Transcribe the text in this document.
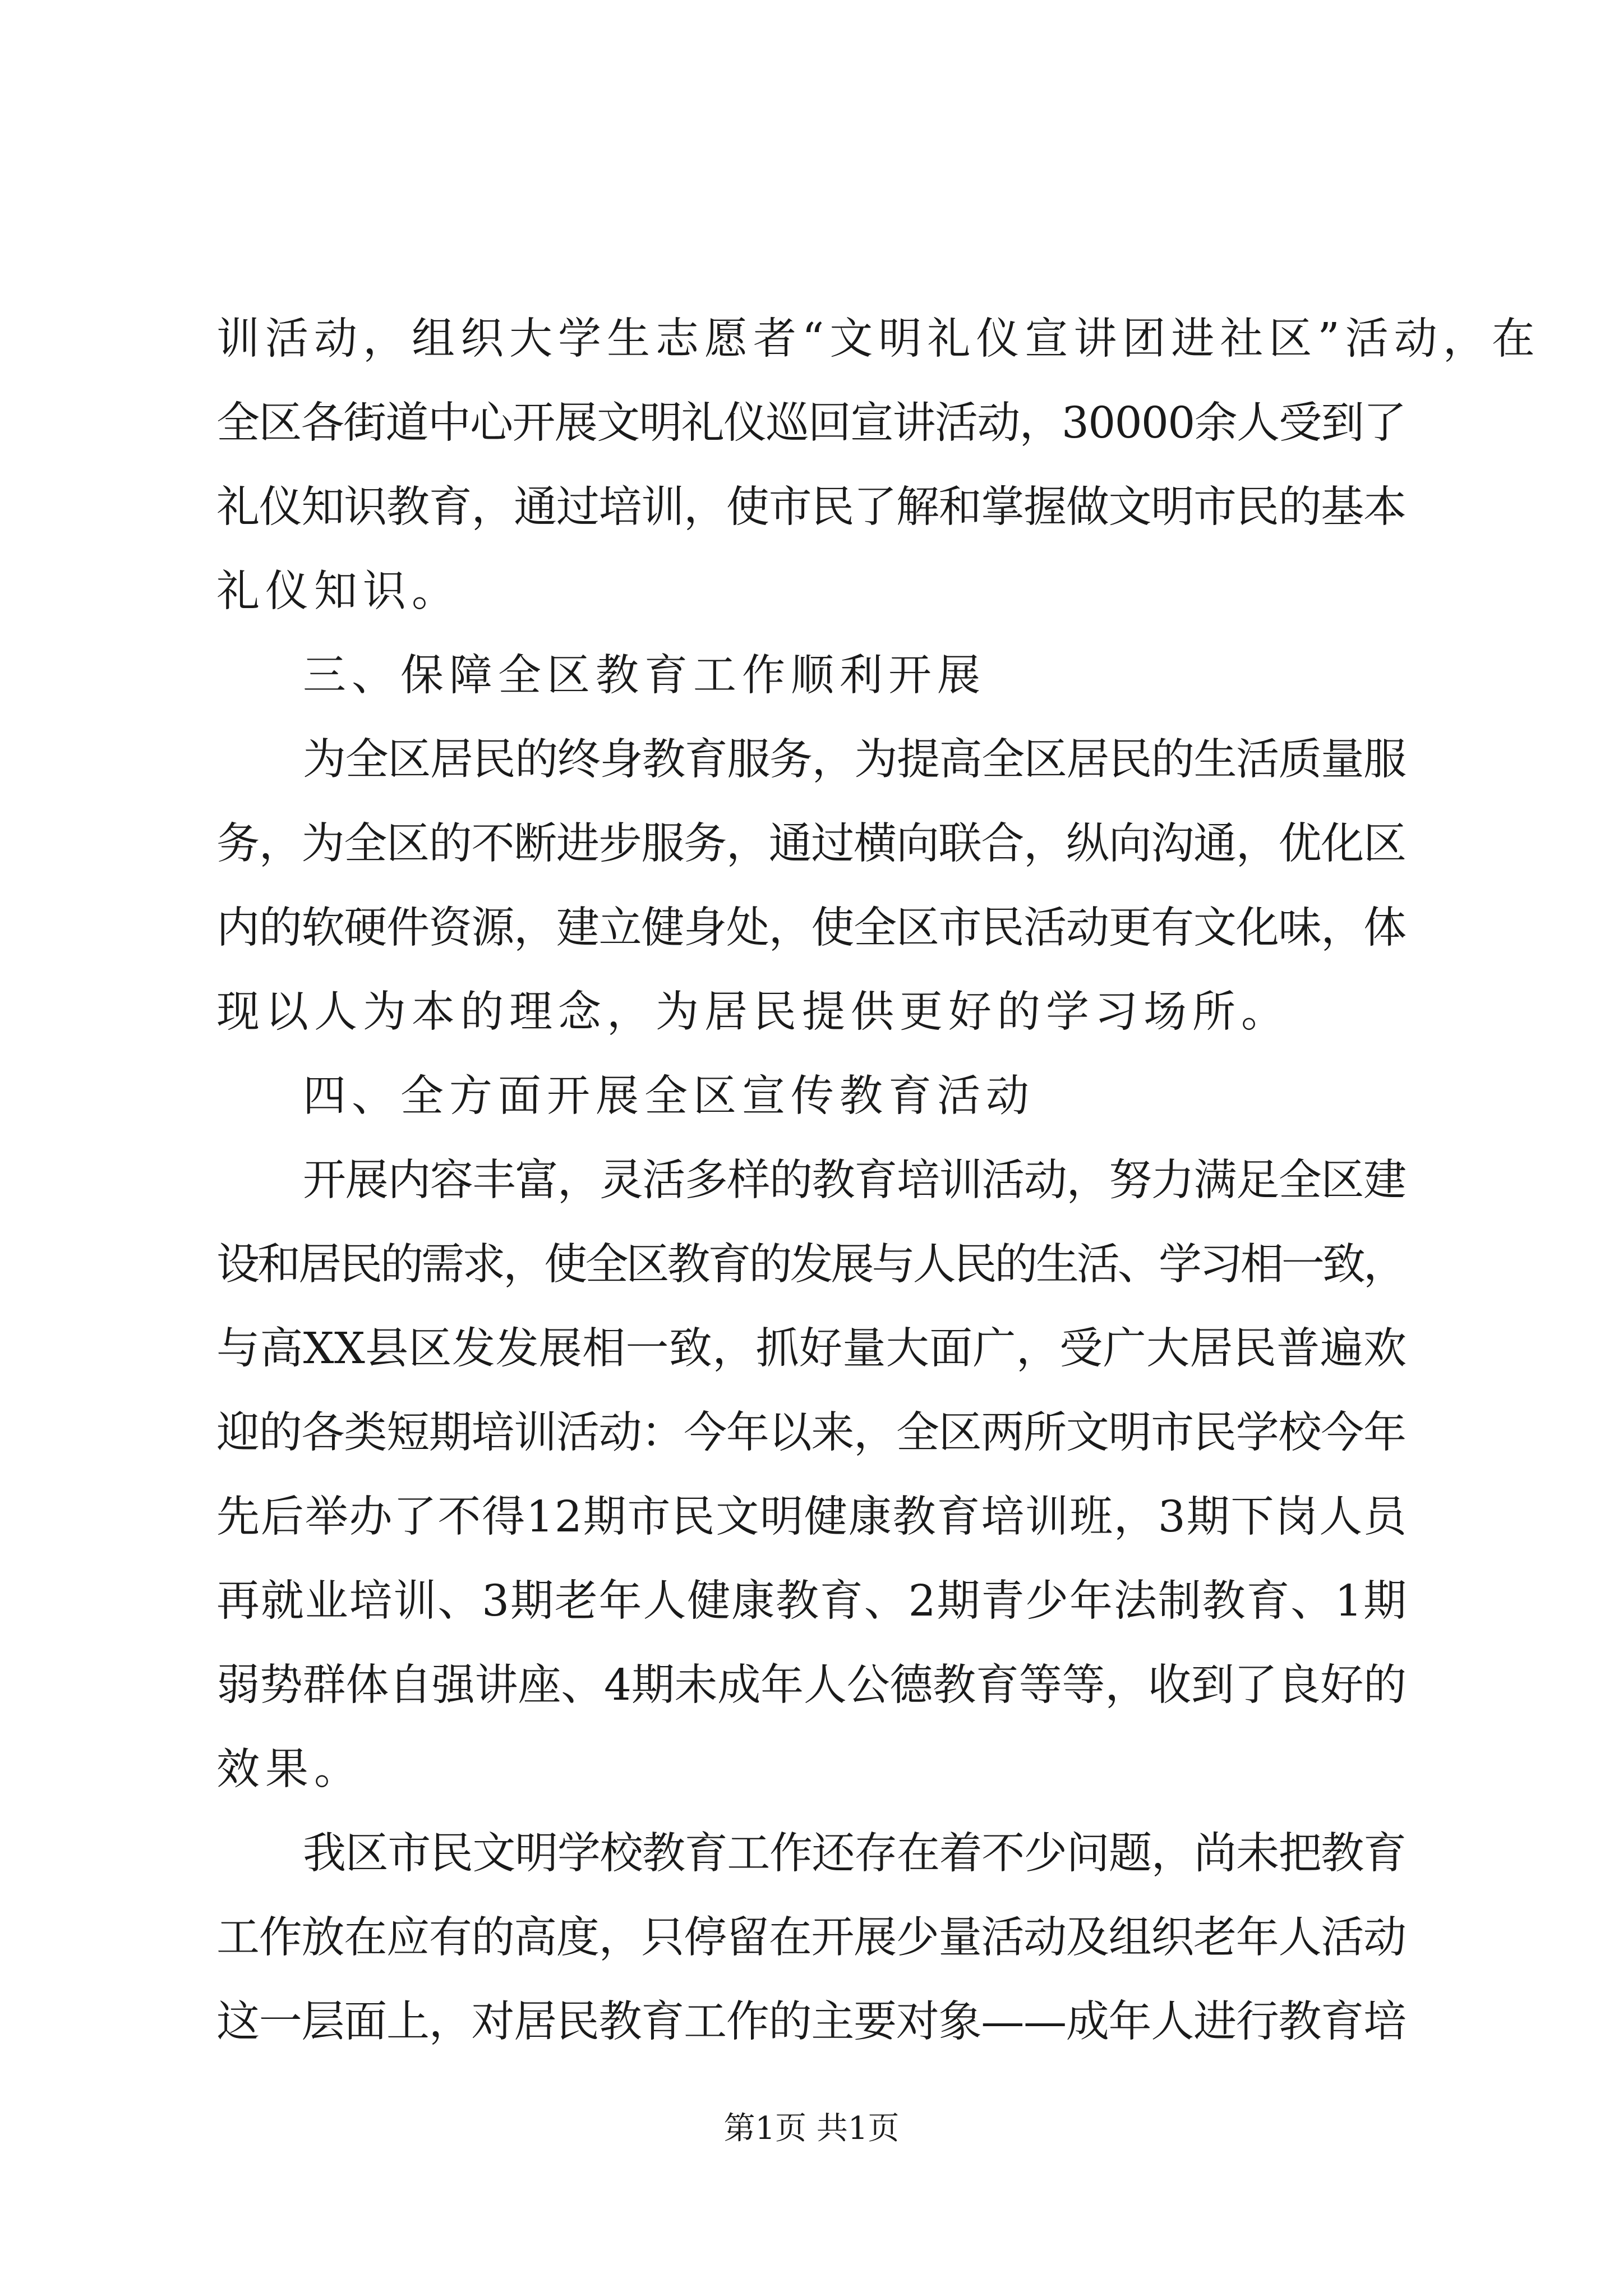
训活动，组织大学生志愿者“文明礼仪宣讲团进社区”活动，在
全区各街道中心开展文明礼仪巡回宣讲活动，30000余人受到了
礼仪知识教育，通过培训，使市民了解和掌握做文明市民的基本
礼仪知识。
三、保障全区教育工作顺利开展
为全区居民的终身教育服务，为提高全区居民的生活质量服
务，为全区的不断进步服务，通过横向联合，纵向沟通，优化区
内的软硬件资源，建立健身处，使全区市民活动更有文化味，体
现以人为本的理念，为居民提供更好的学习场所。
四、全方面开展全区宣传教育活动
开展内容丰富，灵活多样的教育培训活动，努力满足全区建
设和居民的需求，使全区教育的发展与人民的生活、学习相一致，
与高XX县区发发展相一致，抓好量大面广，受广大居民普遍欢
迎的各类短期培训活动：今年以来，全区两所文明市民学校今年
先后举办了不得12期市民文明健康教育培训班，3期下岗人员
再就业培训、3期老年人健康教育、2期青少年法制教育、1期
弱势群体自强讲座、4期未成年人公德教育等等，收到了良好的
效果。
我区市民文明学校教育工作还存在着不少问题，尚未把教育
工作放在应有的高度，只停留在开展少量活动及组织老年人活动
这一层面上，对居民教育工作的主要对象——成年人进行教育培
第1页 共1页
